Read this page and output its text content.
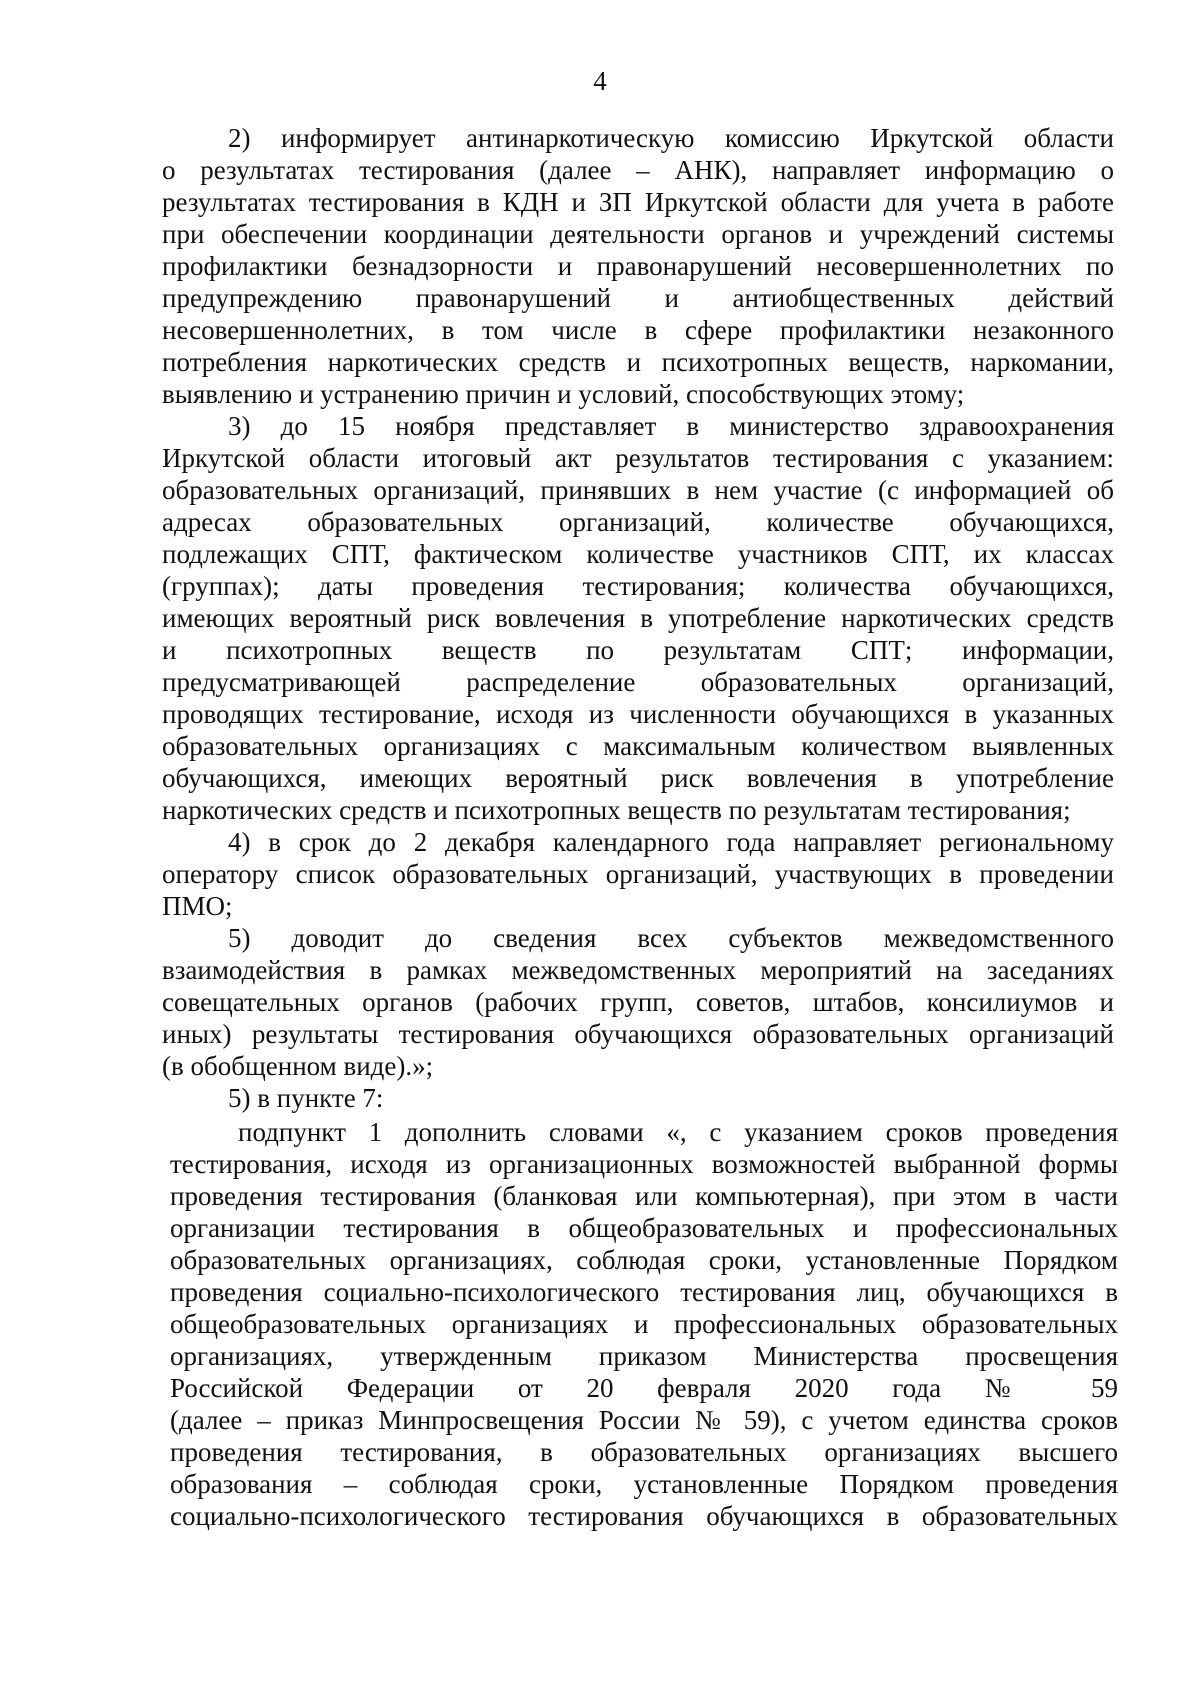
4
2) информирует антинаркотическую комиссию Иркутской области
о результатах тестирования (далее – АНК), направляет информацию о
результатах тестирования в КДН и ЗП Иркутской области для учета в работе
при обеспечении координации деятельности органов и учреждений системы
профилактики безнадзорности и правонарушений несовершеннолетних по
предупреждению правонарушений и антиобщественных действий
несовершеннолетних, в том числе в сфере профилактики незаконного
потребления наркотических средств и психотропных веществ, наркомании,
выявлению и устранению причин и условий, способствующих этому;
3) до 15 ноября представляет в министерство здравоохранения
Иркутской области итоговый акт результатов тестирования с указанием:
образовательных организаций, принявших в нем участие (с информацией об
адресах образовательных организаций, количестве обучающихся,
подлежащих СПТ, фактическом количестве участников СПТ, их классах
(группах); даты проведения тестирования; количества обучающихся,
имеющих вероятный риск вовлечения в употребление наркотических средств
и психотропных веществ по результатам СПТ; информации,
предусматривающей распределение образовательных организаций,
проводящих тестирование, исходя из численности обучающихся в указанных
образовательных организациях с максимальным количеством выявленных
обучающихся, имеющих вероятный риск вовлечения в употребление
наркотических средств и психотропных веществ по результатам тестирования;
4) в срок до 2 декабря календарного года направляет региональному
оператору список образовательных организаций, участвующих в проведении
ПМО;
5) доводит до сведения всех субъектов межведомственного
взаимодействия в рамках межведомственных мероприятий на заседаниях
совещательных органов (рабочих групп, советов, штабов, консилиумов и
иных) результаты тестирования обучающихся образовательных организаций
(в обобщенном виде).»;
5) в пункте 7:
подпункт 1 дополнить словами «, с указанием сроков проведения
тестирования, исходя из организационных возможностей выбранной формы
проведения тестирования (бланковая или компьютерная), при этом в части
организации тестирования в общеобразовательных и профессиональных
образовательных организациях, соблюдая сроки, установленные Порядком
проведения социально-психологического тестирования лиц, обучающихся в
общеобразовательных организациях и профессиональных образовательных
организациях, утвержденным приказом Министерства просвещения
Российской Федерации от 20 февраля 2020 года № 59
(далее – приказ Минпросвещения России № 59), с учетом единства сроков
проведения тестирования, в образовательных организациях высшего
образования – соблюдая сроки, установленные Порядком проведения
социально-психологического тестирования обучающихся в образовательных
